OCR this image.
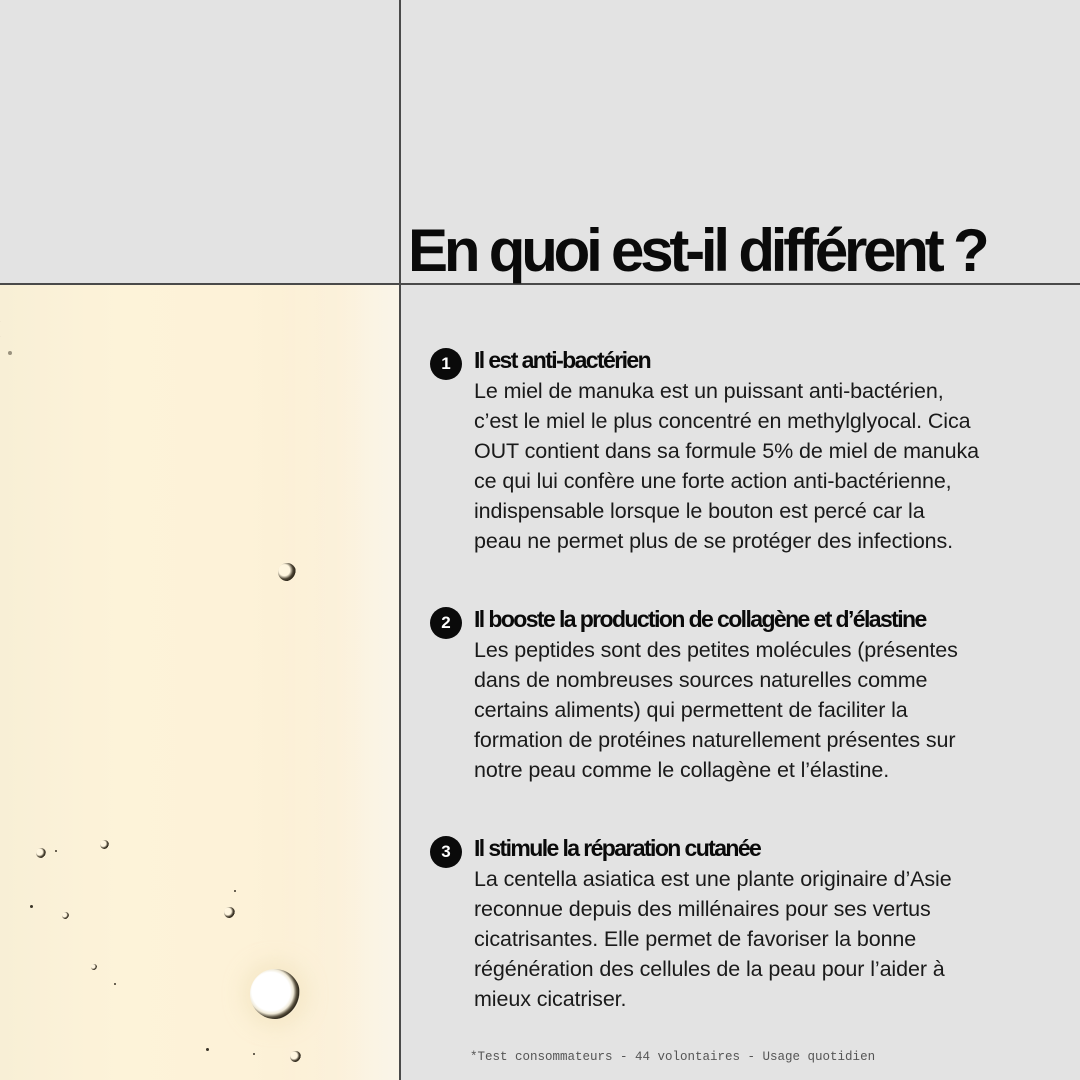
En quoi est-il différent ?
1	Il est anti-bactérien

Le miel de manuka est un puissant anti-bactérien,
c’est le miel le plus concentré en methylglyocal. Cica
OUT contient dans sa formule 5% de miel de manuka
ce qui lui confère une forte action anti-bactérienne,
indispensable lorsque le bouton est percé car la
peau ne permet plus de se protéger des infections.

2	Il booste la production de collagène et d’élastine

Les peptides sont des petites molécules (présentes
dans de nombreuses sources naturelles comme
certains aliments) qui permettent de faciliter la
formation de protéines naturellement présentes sur
notre peau comme le collagène et l’élastine.

3	Il stimule la réparation cutanée

La centella asiatica est une plante originaire d’Asie
reconnue depuis des millénaires pour ses vertus
cicatrisantes. Elle permet de favoriser la bonne
régénération des cellules de la peau pour l’aider à
mieux cicatriser.

*Test consommateurs - 44 volontaires - Usage quotidien
